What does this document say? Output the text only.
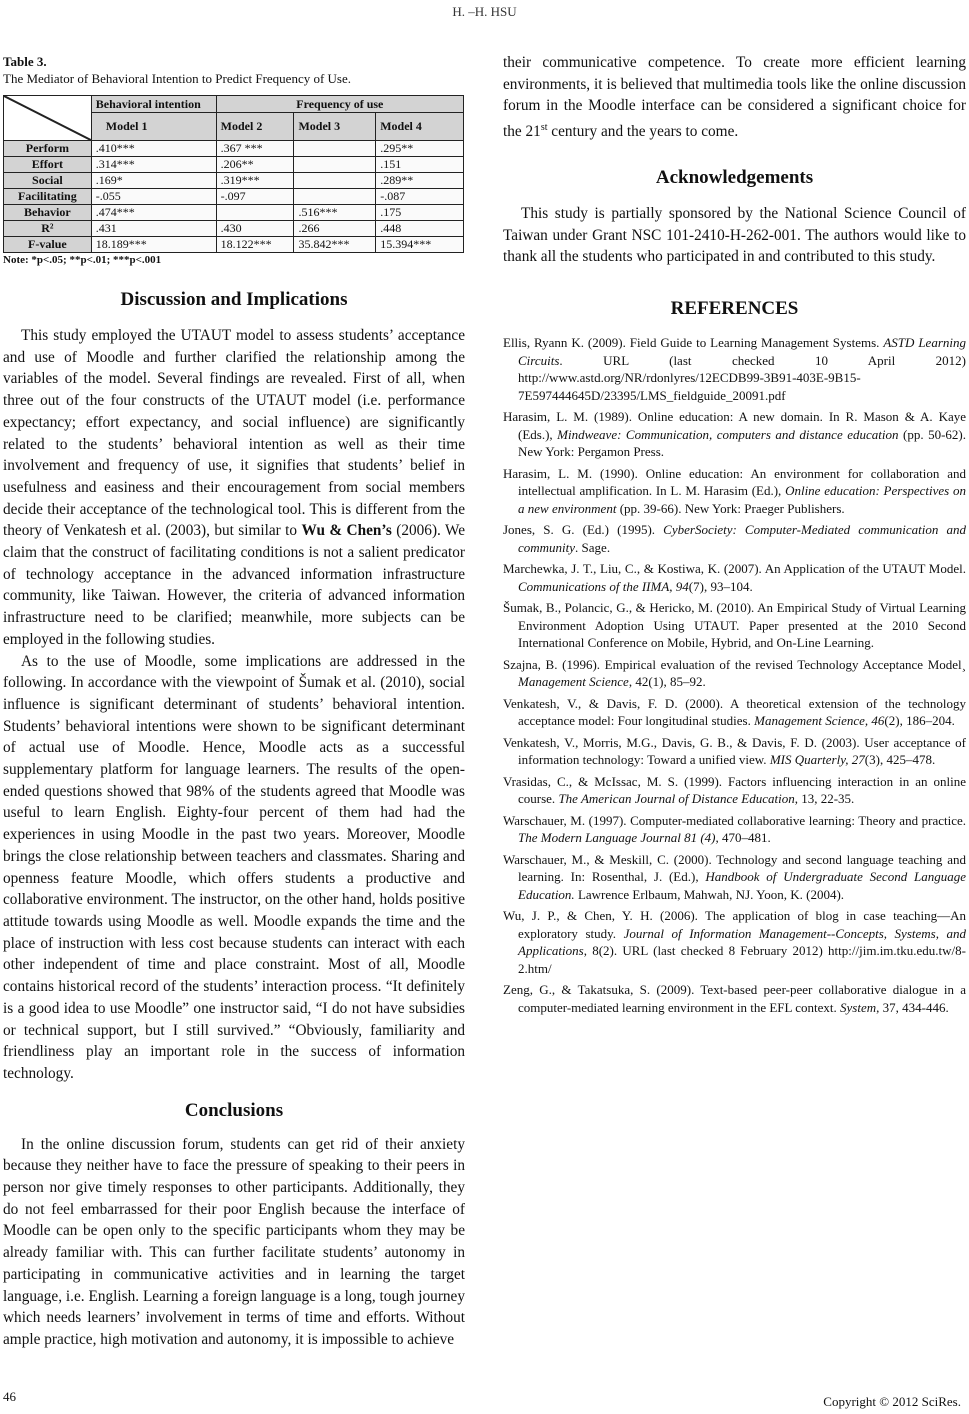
H. –H. HSU
Table 3.
The Mediator of Behavioral Intention to Predict Frequency of Use.
	Behavioral intention	Frequency of use		
	Model 1	Model 2	Model 3	Model 4
Perform	.410***	.367 ***		.295**
Effort	.314***	.206**		.151
Social	.169*	.319***		.289**
Facilitating	-.055	-.097		-.087
Behavior	.474***		.516***	.175
R²	.431	.430	.266	.448
F-value	18.189***	18.122***	35.842***	15.394***
Note: *p<.05; **p<.01; ***p<.001
Discussion and Implications

This study employed the UTAUT model to assess students’ acceptance and use of Moodle and further clarified the relationship among the variables of the model. Several findings are revealed. First of all, when three out of the four constructs of the UTAUT model (i.e. performance expectancy; effort expectancy, and social influence) are significantly related to the students’ behavioral intention as well as their time involvement and frequency of use, it signifies that students’ belief in usefulness and easiness and their encouragement from social members decide their acceptance of the technological tool. This is different from the theory of Venkatesh et al. (2003), but similar to Wu & Chen’s (2006). We claim that the construct of facilitating conditions is not a salient predicator of technology acceptance in the advanced information infrastructure community, like Taiwan. However, the criteria of advanced information infrastructure need to be clarified; meanwhile, more subjects can be employed in the following studies.

As to the use of Moodle, some implications are addressed in the following. In accordance with the viewpoint of Šumak et al. (2010), social influence is significant determinant of students’ behavioral intention. Students’ behavioral intentions were shown to be significant determinant of actual use of Moodle. Hence, Moodle acts as a successful supplementary platform for language learners. The results of the open-ended questions showed that 98% of the students agreed that Moodle was useful to learn English. Eighty-four percent of them had had the experiences in using Moodle in the past two years. Moreover, Moodle brings the close relationship between teachers and classmates. Sharing and openness feature Moodle, which offers students a productive and collaborative environment. The instructor, on the other hand, holds positive attitude towards using Moodle as well. Moodle expands the time and the place of instruction with less cost because students can interact with each other independent of time and place constraint. Most of all, Moodle contains historical record of the students’ interaction process. “It definitely is a good idea to use Moodle” one instructor said, “I do not have subsidies or technical support, but I still survived.” “Obviously, familiarity and friendliness play an important role in the success of information technology.

Conclusions

In the online discussion forum, students can get rid of their anxiety because they neither have to face the pressure of speaking to their peers in person nor give timely responses to other participants. Additionally, they do not feel embarrassed for their poor English because the interface of Moodle can be open only to the specific participants whom they may be already familiar with. This can further facilitate students’ autonomy in participating in communicative activities and in learning the target language, i.e. English. Learning a foreign language is a long, tough journey which needs learners’ involvement in terms of time and efforts. Without ample practice, high motivation and autonomy, it is impossible to achieve

their communicative competence. To create more efficient learning environments, it is believed that multimedia tools like the online discussion forum in the Moodle interface can be considered a significant choice for the 21st century and the years to come.

Acknowledgements

This study is partially sponsored by the National Science Council of Taiwan under Grant NSC 101-2410-H-262-001. The authors would like to thank all the students who participated in and contributed to this study.

REFERENCES

Ellis, Ryann K. (2009). Field Guide to Learning Management Systems. ASTD Learning Circuits. URL (last checked 10 April 2012) http://www.astd.org/NR/rdonlyres/12ECDB99-3B91-403E-9B15-7E597444645D/23395/LMS_fieldguide_20091.pdf

Harasim, L. M. (1989). Online education: A new domain. In R. Mason & A. Kaye (Eds.), Mindweave: Communication, computers and distance education (pp. 50-62). New York: Pergamon Press.

Harasim, L. M. (1990). Online education: An environment for collaboration and intellectual amplification. In L. M. Harasim (Ed.), Online education: Perspectives on a new environment (pp. 39-66). New York: Praeger Publishers.

Jones, S. G. (Ed.) (1995). CyberSociety: Computer-Mediated communication and community. Sage.

Marchewka, J. T., Liu, C., & Kostiwa, K. (2007). An Application of the UTAUT Model. Communications of the IIMA, 94(7), 93–104.

Šumak, B., Polancic, G., & Hericko, M. (2010). An Empirical Study of Virtual Learning Environment Adoption Using UTAUT. Paper presented at the 2010 Second International Conference on Mobile, Hybrid, and On-Line Learning.

Szajna, B. (1996). Empirical evaluation of the revised Technology Acceptance Model¸ Management Science, 42(1), 85–92.

Venkatesh, V., & Davis, F. D. (2000). A theoretical extension of the technology acceptance model: Four longitudinal studies. Management Science, 46(2), 186–204.

Venkatesh, V., Morris, M.G., Davis, G. B., & Davis, F. D. (2003). User acceptance of information technology: Toward a unified view. MIS Quarterly, 27(3), 425–478.

Vrasidas, C., & McIssac, M. S. (1999). Factors influencing interaction in an online course. The American Journal of Distance Education, 13, 22-35.

Warschauer, M. (1997). Computer-mediated collaborative learning: Theory and practice. The Modern Language Journal 81 (4), 470–481.

Warschauer, M., & Meskill, C. (2000). Technology and second language teaching and learning. In: Rosenthal, J. (Ed.), Handbook of Undergraduate Second Language Education. Lawrence Erlbaum, Mahwah, NJ. Yoon, K. (2004).

Wu, J. P., & Chen, Y. H. (2006). The application of blog in case teaching—An exploratory study. Journal of Information Management--Concepts, Systems, and Applications, 8(2). URL (last checked 8 February 2012) http://jim.im.tku.edu.tw/8-2.htm/

Zeng, G., & Takatsuka, S. (2009). Text-based peer-peer collaborative dialogue in a computer-mediated learning environment in the EFL context. System, 37, 434-446.

46	Copyright © 2012 SciRes.
